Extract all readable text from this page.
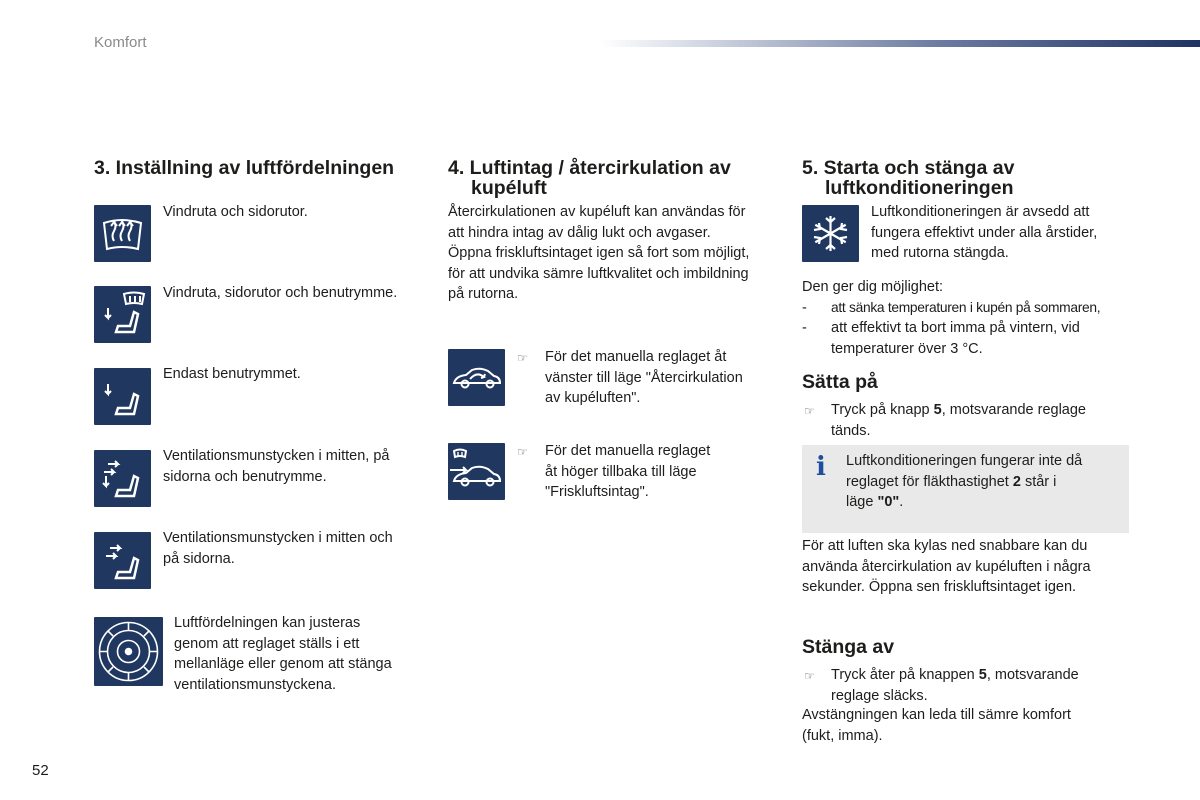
Komfort
3. Inställning av luftfördelningen
Vindruta och sidorutor.
Vindruta, sidorutor och benutrymme.
Endast benutrymmet.
Ventilationsmunstycken i mitten, på
sidorna och benutrymme.
Ventilationsmunstycken i mitten och
på sidorna.
Luftfördelningen kan justeras
genom att reglaget ställs i ett
mellanläge eller genom att stänga
ventilationsmunstyckena.
4. Luftintag / återcirkulation av
kupéluft
Återcirkulationen av kupéluft kan användas för
att hindra intag av dålig lukt och avgaser.
Öppna friskluftsintaget igen så fort som möjligt,
för att undvika sämre luftkvalitet och imbildning
på rutorna.
☞ För det manuella reglaget åt
vänster till läge "Återcirkulation
av kupéluften".
☞ För det manuella reglaget
åt höger tillbaka till läge
"Friskluftsintag".
5. Starta och stänga av
luftkonditioneringen
Luftkonditioneringen är avsedd att
fungera effektivt under alla årstider,
med rutorna stängda.
Den ger dig möjlighet:
- att sänka temperaturen i kupén på sommaren,
- att effektivt ta bort imma på vintern, vid
temperaturer över 3 °C.
Sätta på
☞ Tryck på knapp 5, motsvarande reglage
tänds.
i Luftkonditioneringen fungerar inte då
reglaget för fläkthastighet 2 står i
läge "0".
För att luften ska kylas ned snabbare kan du
använda återcirkulation av kupéluften i några
sekunder. Öppna sen friskluftsintaget igen.
Stänga av
☞ Tryck åter på knappen 5, motsvarande
reglage släcks.
Avstängningen kan leda till sämre komfort
(fukt, imma).
52
